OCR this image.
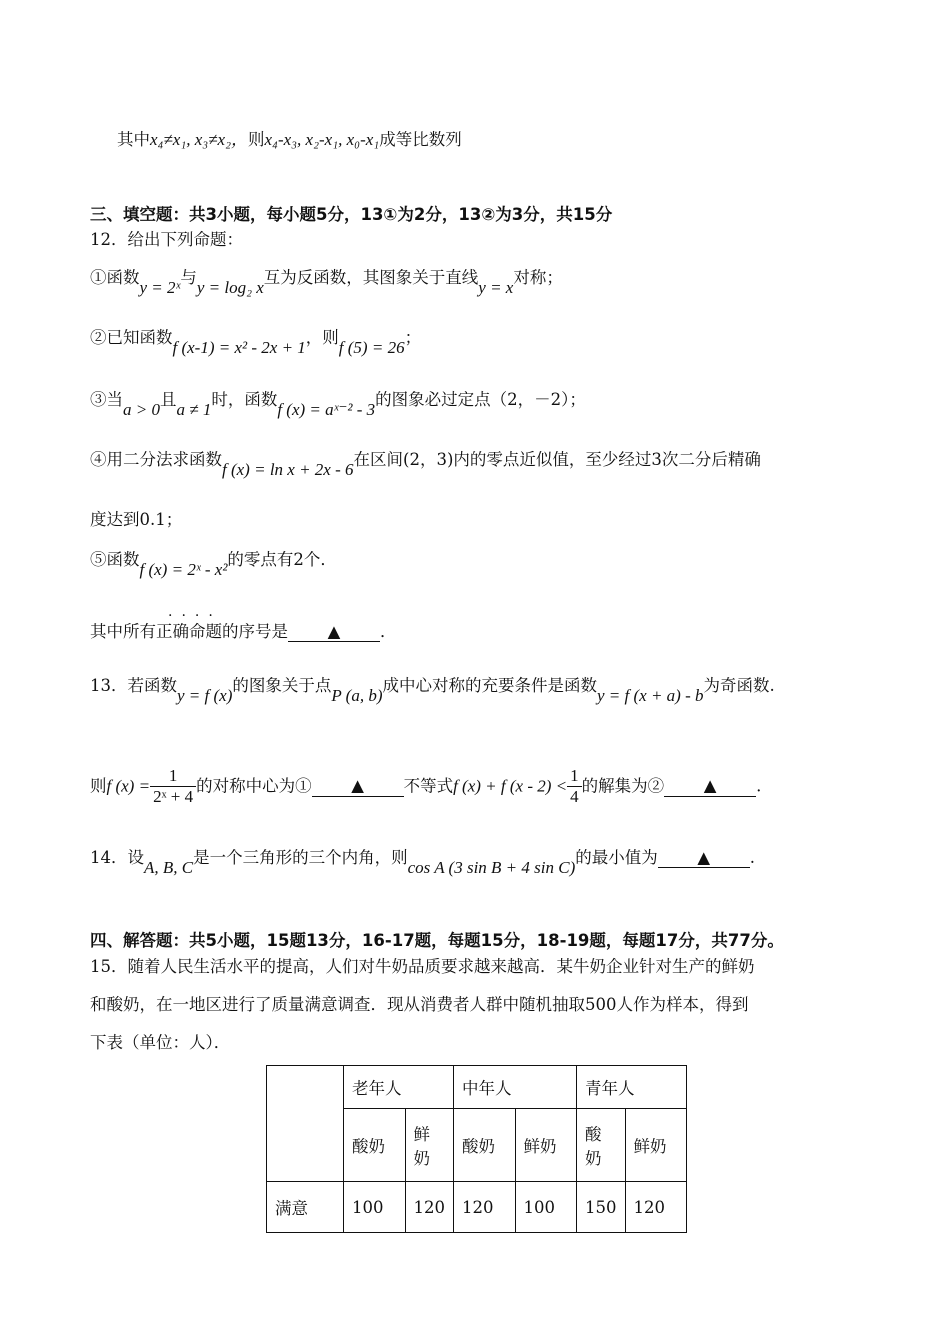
其中x₄≠x₁, x₃≠x₂，则x₄-x₃, x₂-x₁, x₀-x₁成等比数列
三、填空题：共3小题，每小题5分，13①为2分，13②为3分，共15分
12．给出下列命题：
①函数y = 2ˣ与y = log₂ x互为反函数，其图象关于直线y = x对称；
②已知函数f (x-1) = x² - 2x + 1，则f (5) = 26；
③当a > 0且a ≠ 1时，函数f (x) = aˣ⁻² - 3的图象必过定点（2，－2）；
④用二分法求函数f (x) = ln x + 2x - 6在区间(2，3)内的零点近似值，至少经过3次二分后精确
度达到0.1；
⑤函数f (x) = 2ˣ - x²的零点有2个．
....
其中所有正确命题的序号是 ▲ ．
13．若函数y = f (x)的图象关于点P (a, b)成中心对称的充要条件是函数y = f (x + a) - b为奇函数.
则f $(x) = \frac{1}{\text{2ˣ + 4}}$ 的对称中心为① ▲ 不等式f (x) + f $(x - 2) < \frac{1}{4}$ 的解集为② ▲ .
14．设A, B, C是一个三角形的三个内角，则cos A (3 sin B + 4 sin C)的最小值为 ▲ .
四、解答题：共5小题，15题13分，16-17题，每题15分，18-19题，每题17分，共77分。
15．随着人民生活水平的提高，人们对牛奶品质要求越来越高．某牛奶企业针对生产的鲜奶
和酸奶，在一地区进行了质量满意调查．现从消费者人群中随机抽取500人作为样本，得到
下表（单位：人）．
	老年人		中年人		青年人	
	酸奶	鲜奶	酸奶	鲜奶	酸奶	鲜奶
满意	100	120	120	100	150	120
